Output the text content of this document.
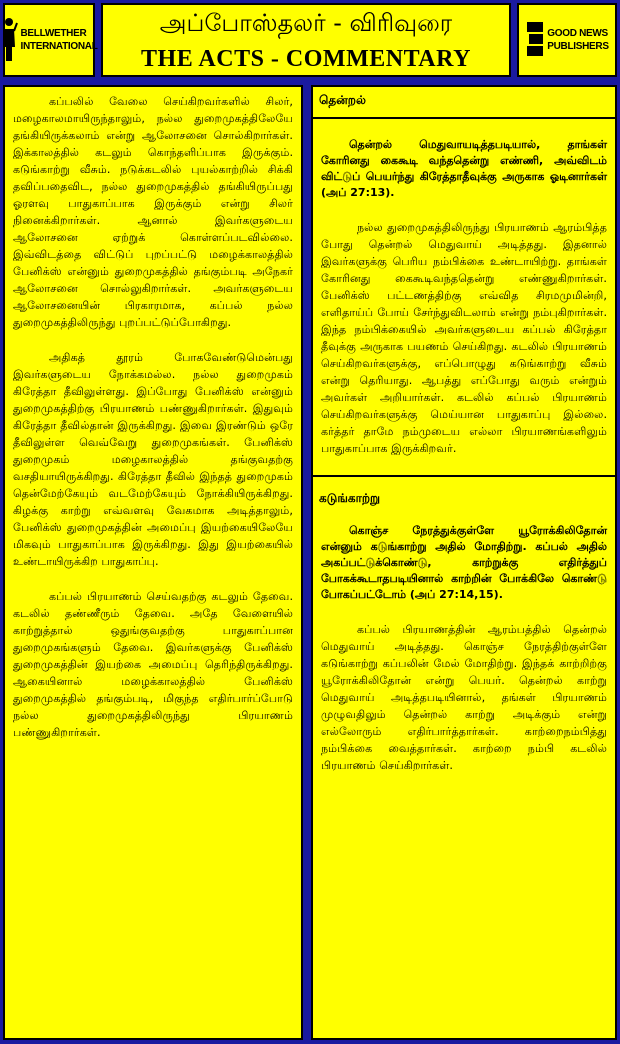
BELLWETHER
INTERNATIONAL
அப்போஸ்தலர் - விரிவுரை
THE ACTS - COMMENTARY
GOOD NEWS
PUBLISHERS

கப்பலில் வேலை செய்கிறவர்களில் சிலர், மழைகாலமாயிருந்தாலும், நல்ல துறைமுகத்திலேயே தங்கியிருக்கலாம் என்று ஆலோசனை சொல்கிறார்கள். இக்காலத்தில் கடலும் கொந்தளிப்பாக இருக்கும். கடுங்காற்று வீசும். நடுக்கடலில் புயல்காற்றில் சிக்கி தவிப்பதைவிட, நல்ல துறைமுகத்தில் தங்கியிருப்பது ஓரளவு பாதுகாப்பாக இருக்கும் என்று சிலர் நினைக்கிறார்கள். ஆனால் இவர்களுடைய ஆலோசனை ஏற்றுக் கொள்ளப்படவில்லை. இவ்விடத்தை விட்டுப் புறப்பட்டு மழைக்காலத்தில் பேனிக்ஸ் என்னும் துறைமுகத்தில் தங்கும்படி அநேகர் ஆலோசனை சொல்லுகிறார்கள். அவர்களுடைய ஆலோசனையின் பிரகாரமாக, கப்பல் நல்ல துறைமுகத்திலிருந்து புறப்பட்டுப்போகிறது.

அதிகத் தூரம் போகவேண்டுமென்பது இவர்களுடைய நோக்கமல்ல. நல்ல துறைமுகம் கிரேத்தா தீவிலுள்ளது. இப்போது பேனிக்ஸ் என்னும் துறைமுகத்திற்கு பிரயாணம் பண்ணுகிறார்கள். இதுவும் கிரேத்தா தீவில்தான் இருக்கிறது. இவை இரண்டும் ஒரே தீவிலுள்ள வெவ்வேறு துறைமுகங்கள். பேனிக்ஸ் துறைமுகம் மழைகாலத்தில் தங்குவதற்கு வசதியாயிருக்கிறது. கிரேத்தா தீவில் இந்தத் துறைமுகம் தென்மேற்கேயும் வடமேற்கேயும் நோக்கியிருக்கிறது. கிழக்கு காற்று எவ்வளவு வேகமாக அடித்தாலும், பேனிக்ஸ் துறைமுகத்தின் அமைப்பு இயற்கையிலேயே மிகவும் பாதுகாப்பாக இருக்கிறது. இது இயற்கையில் உண்டாயிருக்கிற பாதுகாப்பு.

கப்பல் பிரயாணம் செய்வதற்கு கடலும் தேவை. கடலில் தண்ணீரும் தேவை. அதே வேளையில் காற்றுத்தால் ஒதுங்குவதற்கு பாதுகாப்பான துறைமுகங்களும் தேவை. இவர்களுக்கு பேனிக்ஸ் துறைமுகத்தின் இயற்கை அமைப்பு தெரிந்திருக்கிறது. ஆகையினால் மழைக்காலத்தில் பேனிக்ஸ் துறைமுகத்தில் தங்கும்படி, மிகுந்த எதிர்பார்ப்போடு நல்ல துறைமுகத்திலிருந்து பிரயாணம் பண்ணுகிறார்கள்.

தென்றல்

தென்றல் மெதுவாயடித்தபடியால், தாங்கள் கோரினது கைகூடி வந்ததென்று எண்ணி, அவ்விடம் விட்டுப் பெயர்ந்து கிரேத்தாதீவுக்கு அருகாக ஓடினார்கள் (அப் 27:13).

நல்ல துறைமுகத்திலிருந்து பிரயாணம் ஆரம்பித்த போது தென்றல் மெதுவாய் அடித்தது. இதனால் இவர்களுக்கு பெரிய நம்பிக்கை உண்டாயிற்று. தாங்கள் கோரினது கைகூடிவந்ததென்று எண்ணுகிறார்கள். பேனிக்ஸ் பட்டணத்திற்கு எவ்வித சிரமமுமின்றி, எளிதாய்ப் போய் சேர்ந்துவிடலாம் என்று நம்புகிறார்கள். இந்த நம்பிக்கையில் அவர்களுடைய கப்பல் கிரேத்தா தீவுக்கு அருகாக பயணம் செய்கிறது. கடலில் பிரயாணம் செய்கிறவர்களுக்கு, எப்பொழுது கடுங்காற்று வீசும் என்று தெரியாது. ஆபத்து எப்போது வரும் என்றும் அவர்கள் அறியார்கள். கடலில் கப்பல் பிரயாணம் செய்கிறவர்களுக்கு மெய்யான பாதுகாப்பு இல்லை. கர்த்தர் தாமே நம்முடைய எல்லா பிரயாணங்களிலும் பாதுகாப்பாக இருக்கிறவர்.

கடுங்காற்று

கொஞ்ச நேரத்துக்குள்ளே யூரோக்கிலிதோன் என்னும் கடுங்காற்று அதில் மோதிற்று. கப்பல் அதில் அகப்பட்டுக்கொண்டு, காற்றுக்கு எதிர்த்துப் போகக்கூடாதபடியினால் காற்றின் போக்கிலே கொண்டு போகப்பட்டோம் (அப் 27:14,15).

கப்பல் பிரயாணத்தின் ஆரம்பத்தில் தென்றல் மெதுவாய் அடித்தது. கொஞ்ச நேரத்திற்குள்ளே கடுங்காற்று கப்பலின் மேல் மோதிற்று. இந்தக் காற்றிற்கு யூரோக்கிலிதோன் என்று பெயர். தென்றல் காற்று மெதுவாய் அடித்தபடியினால், தங்கள் பிரயாணம் முழுவதிலும் தென்றல் காற்று அடிக்கும் என்று எல்லோரும் எதிர்பார்த்தார்கள். காற்றைநம்பித்து நம்பிக்கை வைத்தார்கள். காற்றை நம்பி கடலில் பிரயாணம் செய்கிறார்கள்.
